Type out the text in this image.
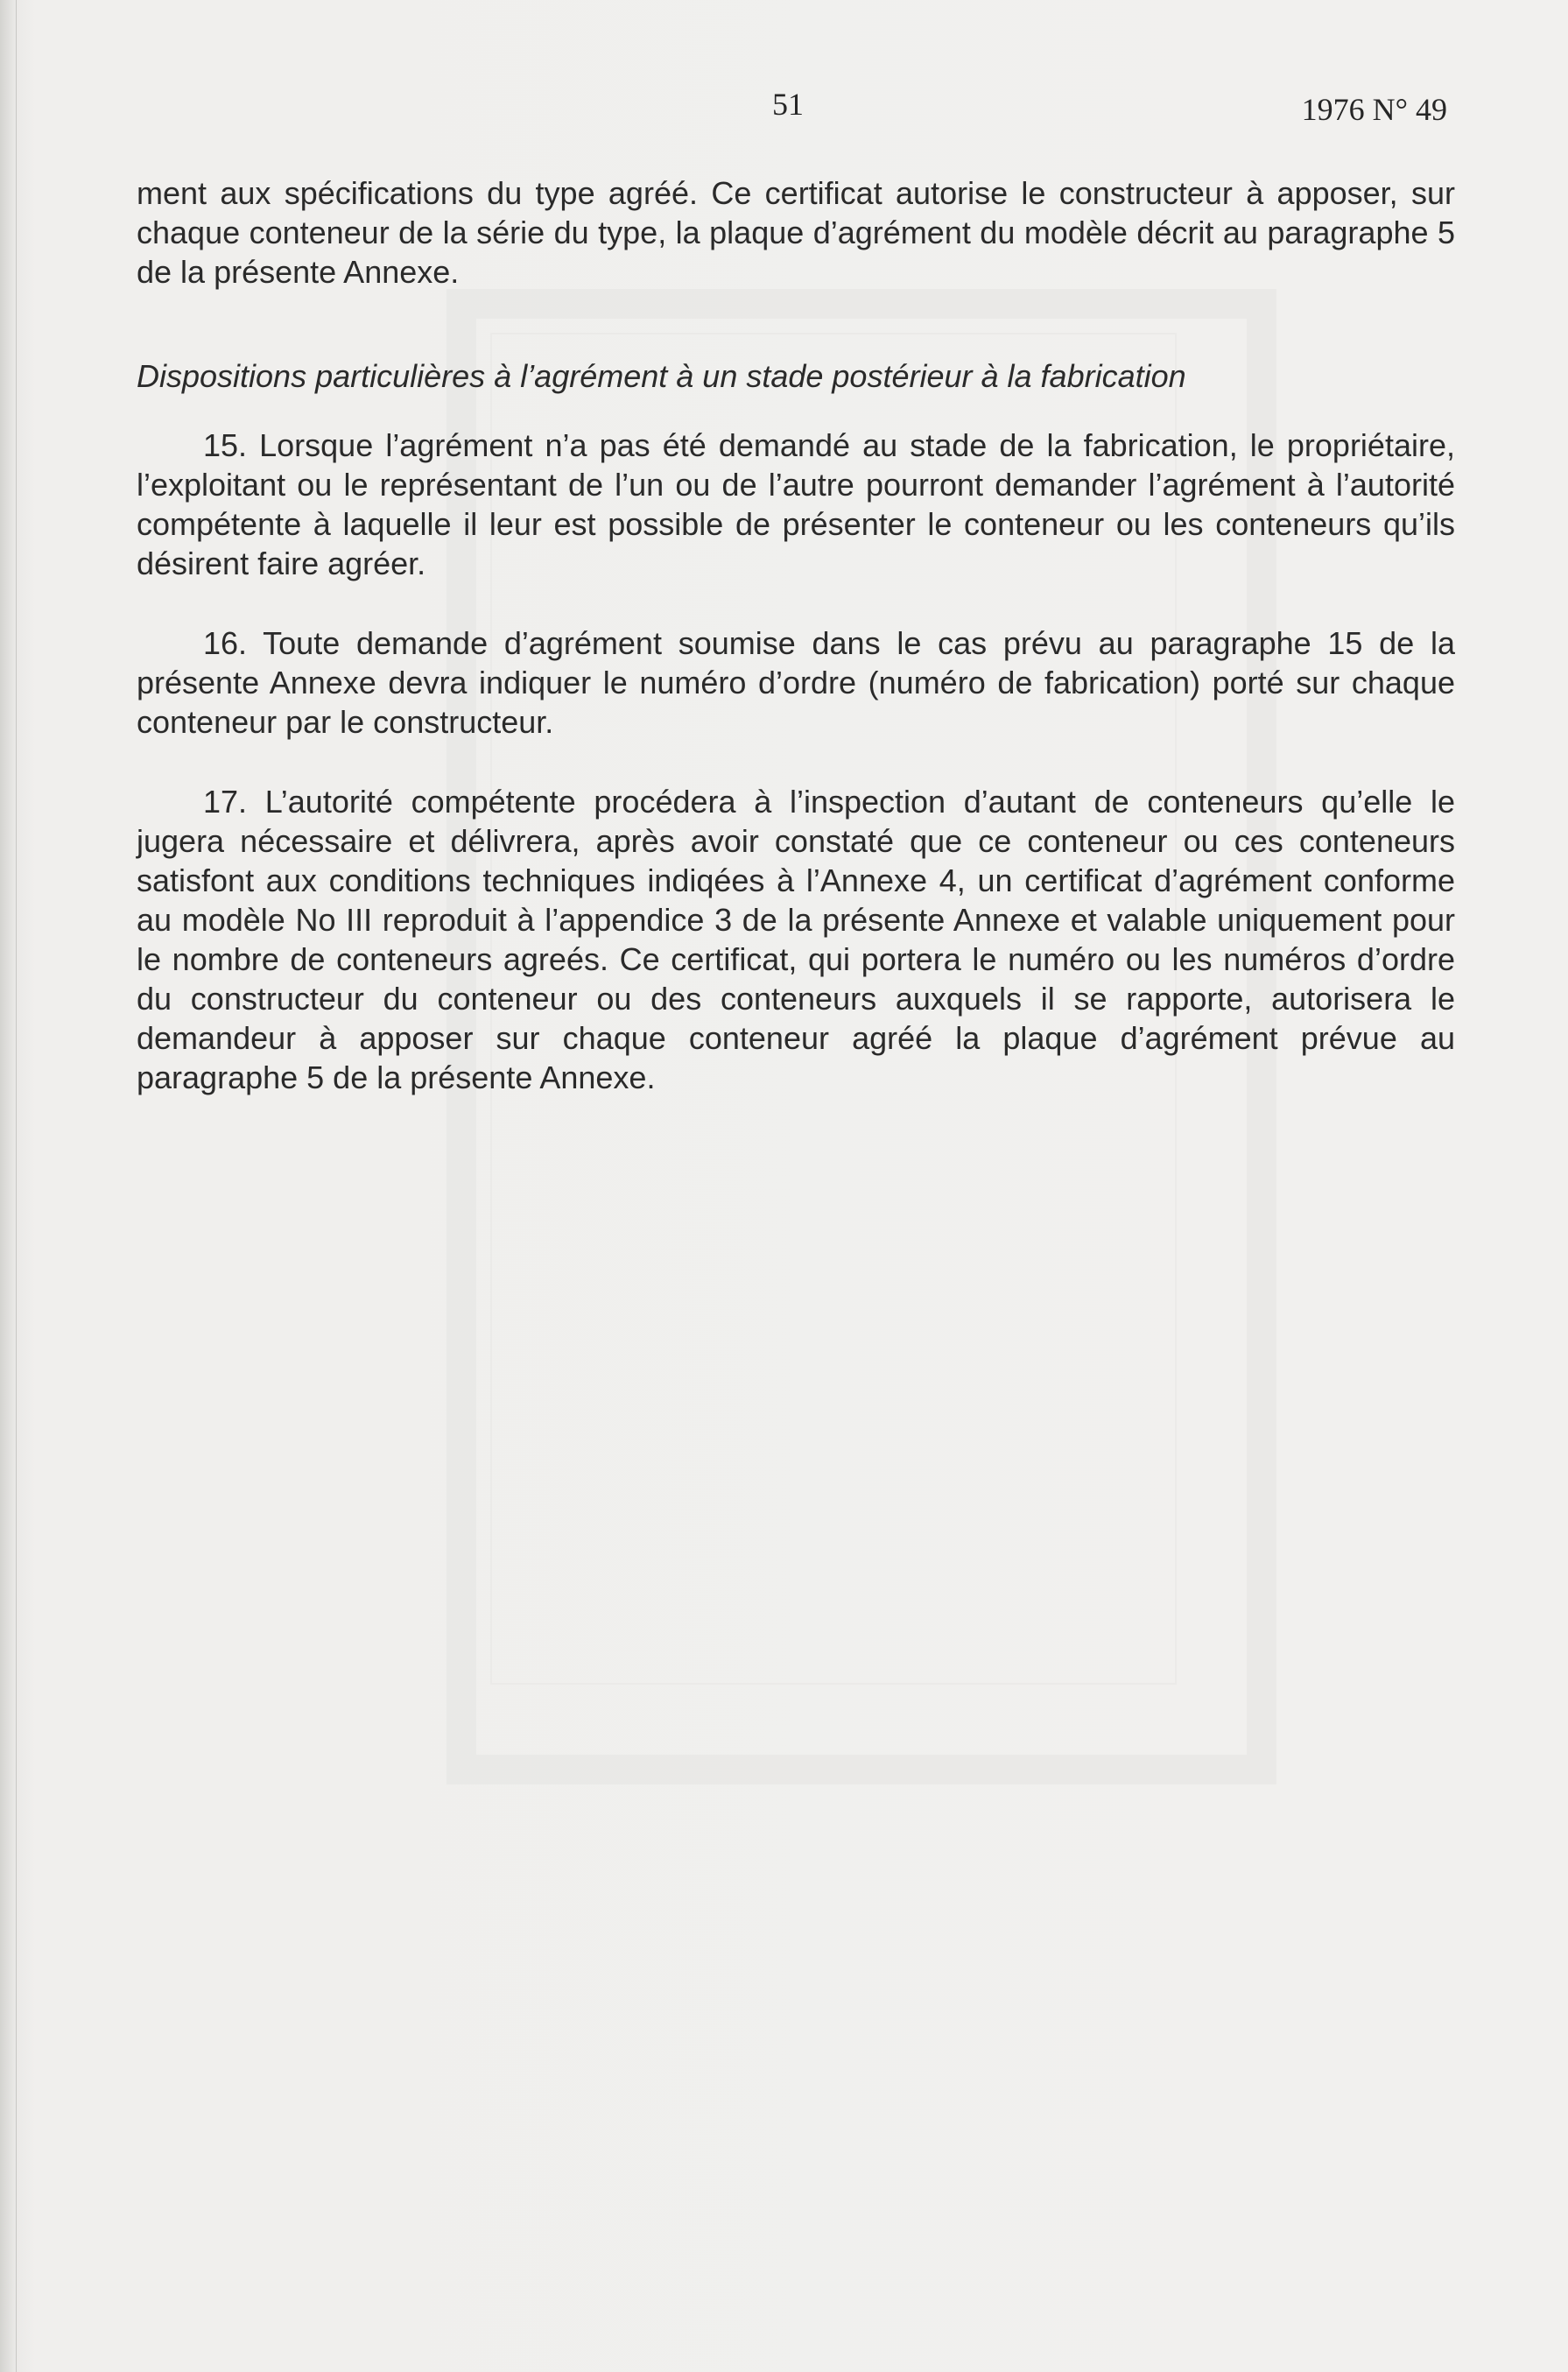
51	1976 N° 49

ment aux spécifications du type agréé. Ce certificat autorise le constructeur à apposer, sur chaque conteneur de la série du type, la plaque d’agrément du modèle décrit au paragraphe 5 de la présente Annexe.

Dispositions particulières à l’agrément à un stade postérieur à la fabrication

15. Lorsque l’agrément n’a pas été demandé au stade de la fabrication, le propriétaire, l’exploitant ou le représentant de l’un ou de l’autre pourront demander l’agrément à l’autorité compétente à laquelle il leur est possible de présenter le conteneur ou les conteneurs qu’ils désirent faire agréer.

16. Toute demande d’agrément soumise dans le cas prévu au paragraphe 15 de la présente Annexe devra indiquer le numéro d’ordre (numéro de fabrication) porté sur chaque conteneur par le constructeur.

17. L’autorité compétente procédera à l’inspection d’autant de conteneurs qu’elle le jugera nécessaire et délivrera, après avoir constaté que ce conteneur ou ces conteneurs satisfont aux conditions techniques indiqées à l’Annexe 4, un certificat d’agrément conforme au modèle No III reproduit à l’appendice 3 de la présente Annexe et valable uniquement pour le nombre de conteneurs agreés. Ce certificat, qui portera le numéro ou les numéros d’ordre du constructeur du conteneur ou des conteneurs auxquels il se rapporte, autorisera le demandeur à apposer sur chaque conteneur agréé la plaque d’agrément prévue au paragraphe 5 de la présente Annexe.
